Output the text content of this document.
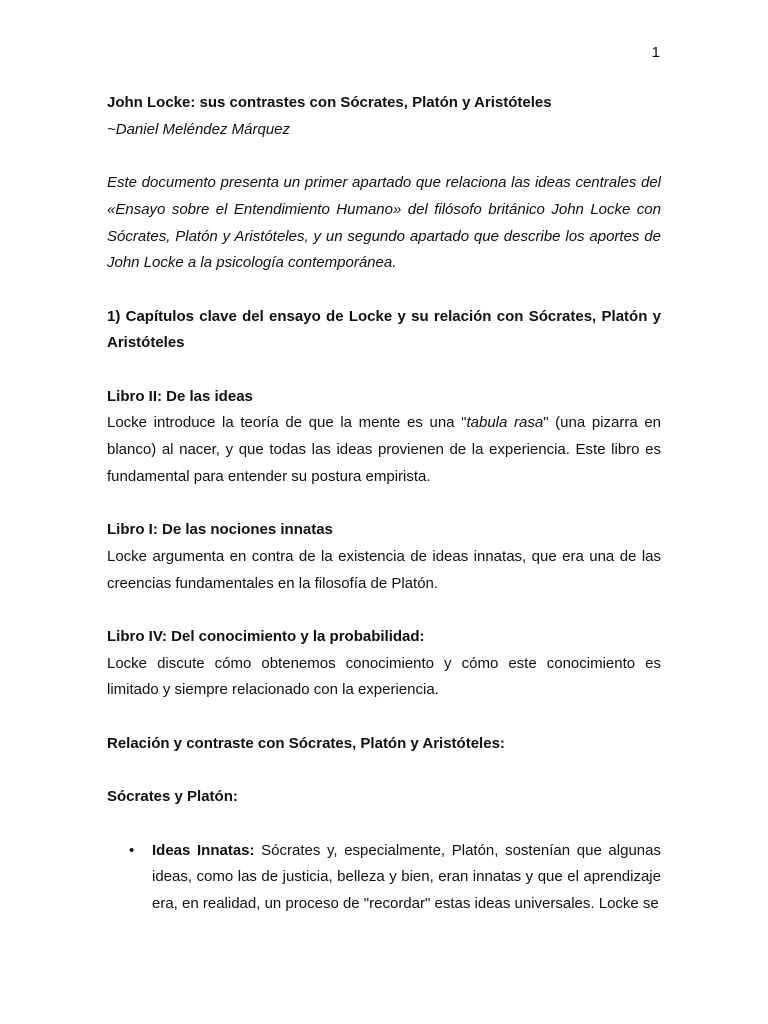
1

John Locke: sus contrastes con Sócrates, Platón y Aristóteles

~Daniel Meléndez Márquez

Este documento presenta un primer apartado que relaciona las ideas centrales del «Ensayo sobre el Entendimiento Humano» del filósofo británico John Locke con Sócrates, Platón y Aristóteles, y un segundo apartado que describe los aportes de John Locke a la psicología contemporánea.

1) Capítulos clave del ensayo de Locke y su relación con Sócrates, Platón y Aristóteles

Libro II: De las ideas

Locke introduce la teoría de que la mente es una "tabula rasa" (una pizarra en blanco) al nacer, y que todas las ideas provienen de la experiencia. Este libro es fundamental para entender su postura empirista.

Libro I: De las nociones innatas

Locke argumenta en contra de la existencia de ideas innatas, que era una de las creencias fundamentales en la filosofía de Platón.

Libro IV: Del conocimiento y la probabilidad:

Locke discute cómo obtenemos conocimiento y cómo este conocimiento es limitado y siempre relacionado con la experiencia.

Relación y contraste con Sócrates, Platón y Aristóteles:

Sócrates y Platón:

• Ideas Innatas: Sócrates y, especialmente, Platón, sostenían que algunas ideas, como las de justicia, belleza y bien, eran innatas y que el aprendizaje era, en realidad, un proceso de "recordar" estas ideas universales. Locke se
